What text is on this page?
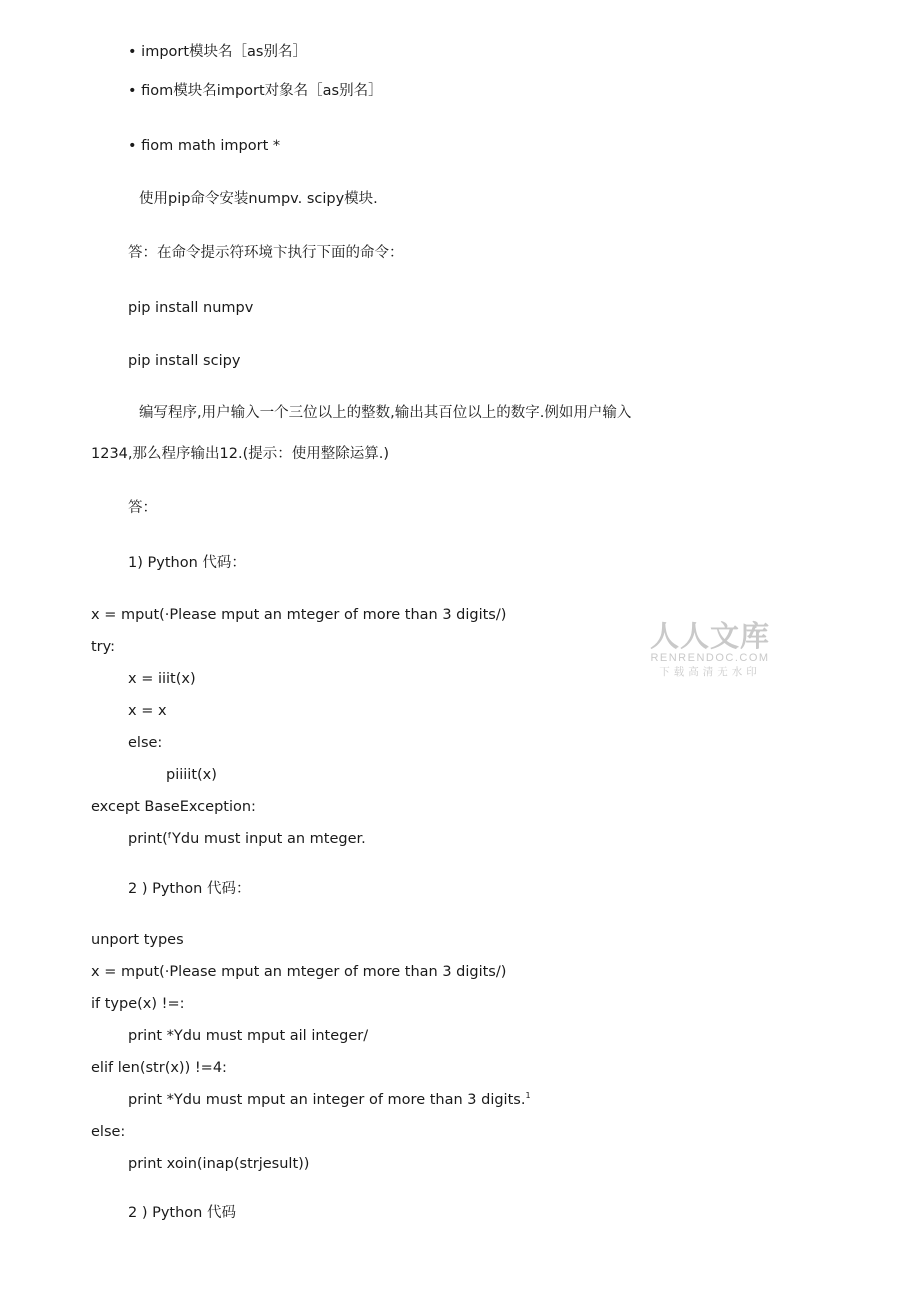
• import模块名［as别名］
• fiom模块名import对象名［as别名］
• fiom math import *
使用pip命令安装numpv. scipy模块.
答：在命令提示符环境卞执行下面的命令：
pip install numpv
pip install scipy
编写程序,用户输入一个三位以上的整数,输出其百位以上的数字.例如用户输入
1234,那么程序输出12.(提示：使用整除运算.)
答：
1) Python 代码：
x = mput(·Please mput an mteger of more than 3 digits/)
try:
x = iiit(x)
x = x
else:
piiiit(x)
except BaseException:
print(ᶠYdu must input an mteger.
2 ) Python 代码：
unport types
x = mput(·Please mput an mteger of more than 3 digits/)
if type(x) !=:
print *Ydu must mput ail integer/
elif len(str(x)) !=4:
print *Ydu must mput an integer of more than 3 digits.$^1$
else:
print xoin(inap(strjesult))
2 ) Python 代码
人人文库
RENRENDOC.COM
下载高清无水印
